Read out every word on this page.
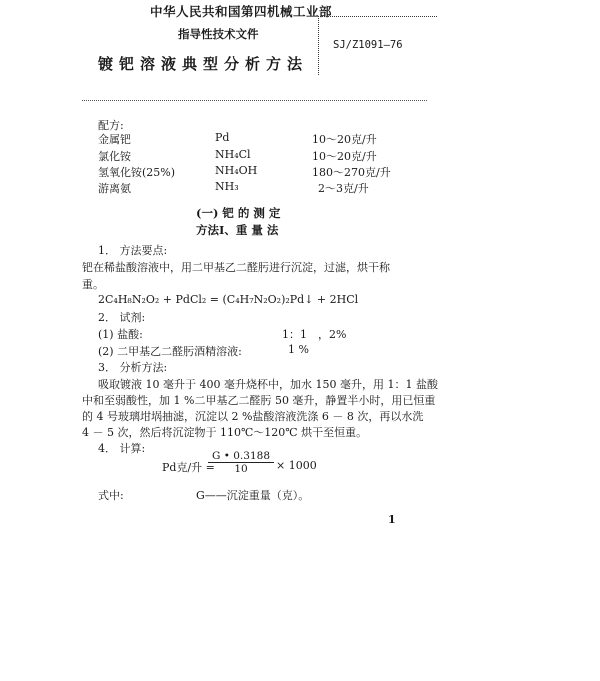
中华人民共和国第四机械工业部
指导性技术文件
镀钯溶液典型分析方法
SJ/Z1091—76
配方:
金属钯	Pd	10～20克/升
氯化铵	NH₄Cl	10～20克/升
氢氧化铵(25%)	NH₄OH	180～270克/升
游离氨	NH₃	2～3克/升
(一) 钯 的 测 定
方法Ⅰ、重 量 法
1． 方法要点:
钯在稀盐酸溶液中，用二甲基乙二醛肟进行沉淀，过滤，烘干称
重。
2C₄H₈N₂O₂ + PdCl₂ = (C₄H₇N₂O₂)₂Pd↓ + 2HCl
2． 试剂:
(1) 盐酸:	1：1 ，2%
(2) 二甲基乙二醛肟酒精溶液:	1 %
3． 分析方法:
吸取镀液 10 毫升于 400 毫升烧杯中，加水 150 毫升，用 1：1 盐酸
中和至弱酸性，加 1 %二甲基乙二醛肟 50 毫升，静置半小时，用已恒重
的 4 号玻璃坩埚抽滤，沉淀以 2 %盐酸溶液洗涤 6 － 8 次，再以水洗
4 － 5 次，然后将沉淀物于 110℃～120℃ 烘干至恒重。
4． 计算:
Pd克/升 =
$\frac{G • 0.3188}{10} \times 1000$
式中:	G——沉淀重量（克）。
1
